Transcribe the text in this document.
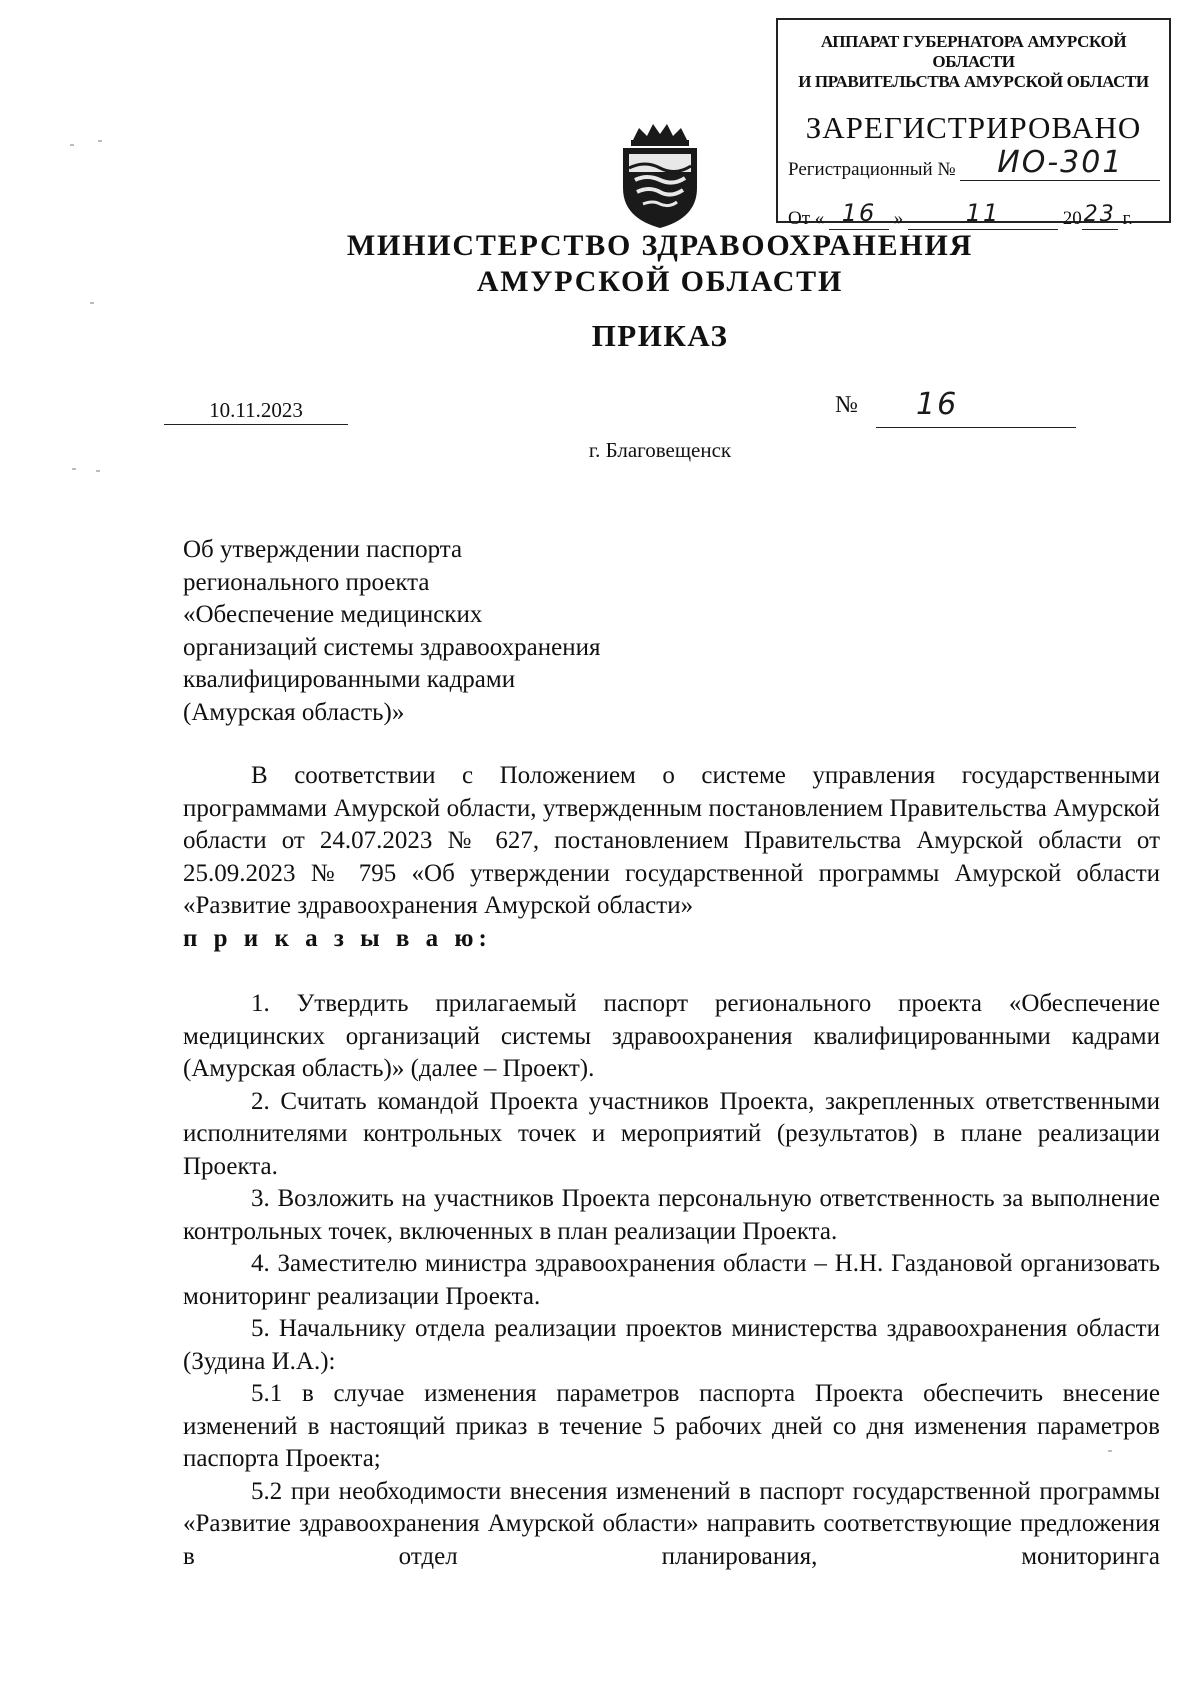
АППАРАТ ГУБЕРНАТОРА АМУРСКОЙ ОБЛАСТИ
И ПРАВИТЕЛЬСТВА АМУРСКОЙ ОБЛАСТИ
ЗАРЕГИСТРИРОВАНО
Регистрационный № ИО-301
От « 16 »	11	2023 г.
МИНИСТЕРСТВО ЗДРАВООХРАНЕНИЯ
АМУРСКОЙ ОБЛАСТИ
ПРИКАЗ
10.11.2023	№	16
г. Благовещенск
Об утверждении паспорта
регионального проекта
«Обеспечение медицинских
организаций системы здравоохранения
квалифицированными кадрами
(Амурская область)»

В соответствии с Положением о системе управления государственными программами Амурской области, утвержденным постановлением Правительства Амурской области от 24.07.2023 № 627, постановлением Правительства Амурской области от 25.09.2023 № 795 «Об утверждении государственной программы Амурской области «Развитие здравоохранения Амурской области»

п р и к а з ы в а ю:

1. Утвердить прилагаемый паспорт регионального проекта «Обеспечение медицинских организаций системы здравоохранения квалифицированными кадрами (Амурская область)» (далее – Проект).

2. Считать командой Проекта участников Проекта, закрепленных ответственными исполнителями контрольных точек и мероприятий (результатов) в плане реализации Проекта.

3. Возложить на участников Проекта персональную ответственность за выполнение контрольных точек, включенных в план реализации Проекта.

4. Заместителю министра здравоохранения области – Н.Н. Газдановой организовать мониторинг реализации Проекта.

5. Начальнику отдела реализации проектов министерства здравоохранения области (Зудина И.А.):

5.1 в случае изменения параметров паспорта Проекта обеспечить внесение изменений в настоящий приказ в течение 5 рабочих дней со дня изменения параметров паспорта Проекта;

5.2 при необходимости внесения изменений в паспорт государственной программы «Развитие здравоохранения Амурской области» направить соответствующие предложения в отдел планирования, мониторинга
